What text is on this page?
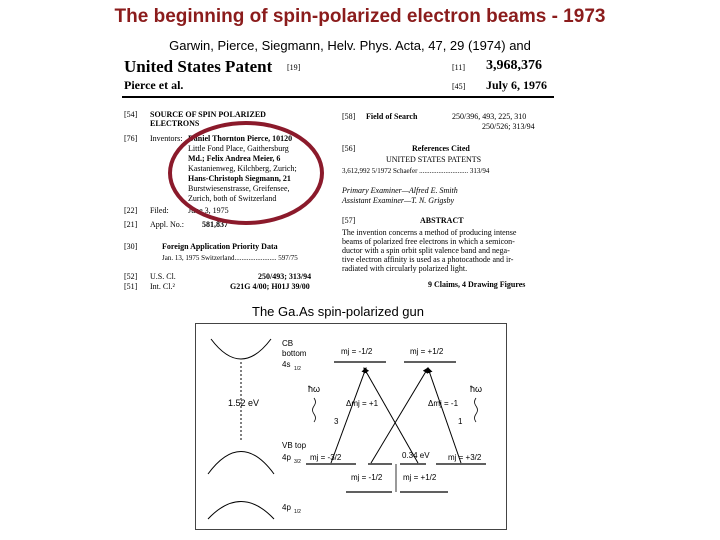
The beginning of spin-polarized electron beams - 1973
Garwin, Pierce, Siegmann, Helv. Phys. Acta, 47, 29 (1974) and
United States Patent [19]	[11] 3,968,376
Pierce et al.	[45] July 6, 1976
[54] SOURCE OF SPIN POLARIZED ELECTRONS
[76] Inventors: Daniel Thornton Pierce, 10120
Little Fond Place, Gaithersburg
Md.; Felix Andrea Meier, 6
Kastanienweg, Kilchberg, Zurich;
Hans-Christoph Siegmann, 21
Burstwiesenstrasse, Greifensee,
Zurich, both of Switzerland
[22] Filed: June 3, 1975
[21] Appl. No.: 581,837
[30]	Foreign Application Priority Data
Jan. 13, 1975 Switzerland........................ 597/75
[52] U.S. Cl.	250/493; 313/94
[51] Int. Cl.²	G21G 4/00; H01J 39/00
[58] Field of Search	250/396, 493, 225, 310
250/526; 313/94
[56]	References Cited
UNITED STATES PATENTS
3,612,992 5/1972 Schaefer ............................ 313/94
Primary Examiner—Alfred E. Smith
Assistant Examiner—T. N. Grigsby
[57]	ABSTRACT
The invention concerns a method of producing intense
beams of polarized free electrons in which a semicon-
ductor with a spin orbit split valence band and nega-
tive electron affinity is used as a photocathode and ir-
radiated with circularly polarized light.
9 Claims, 4 Drawing Figures
The Ga.As spin-polarized gun
1.52 eV
CB
bottom
4s 1/2
VB top
4p 3/2
4p 1/2
mj = -1/2	mj = +1/2
mj = -3/2	mj = +3/2
mj = -1/2	mj = +1/2
0.34 eV
Δmj = +1	Δmj = -1
3	1
ħω	ħω
